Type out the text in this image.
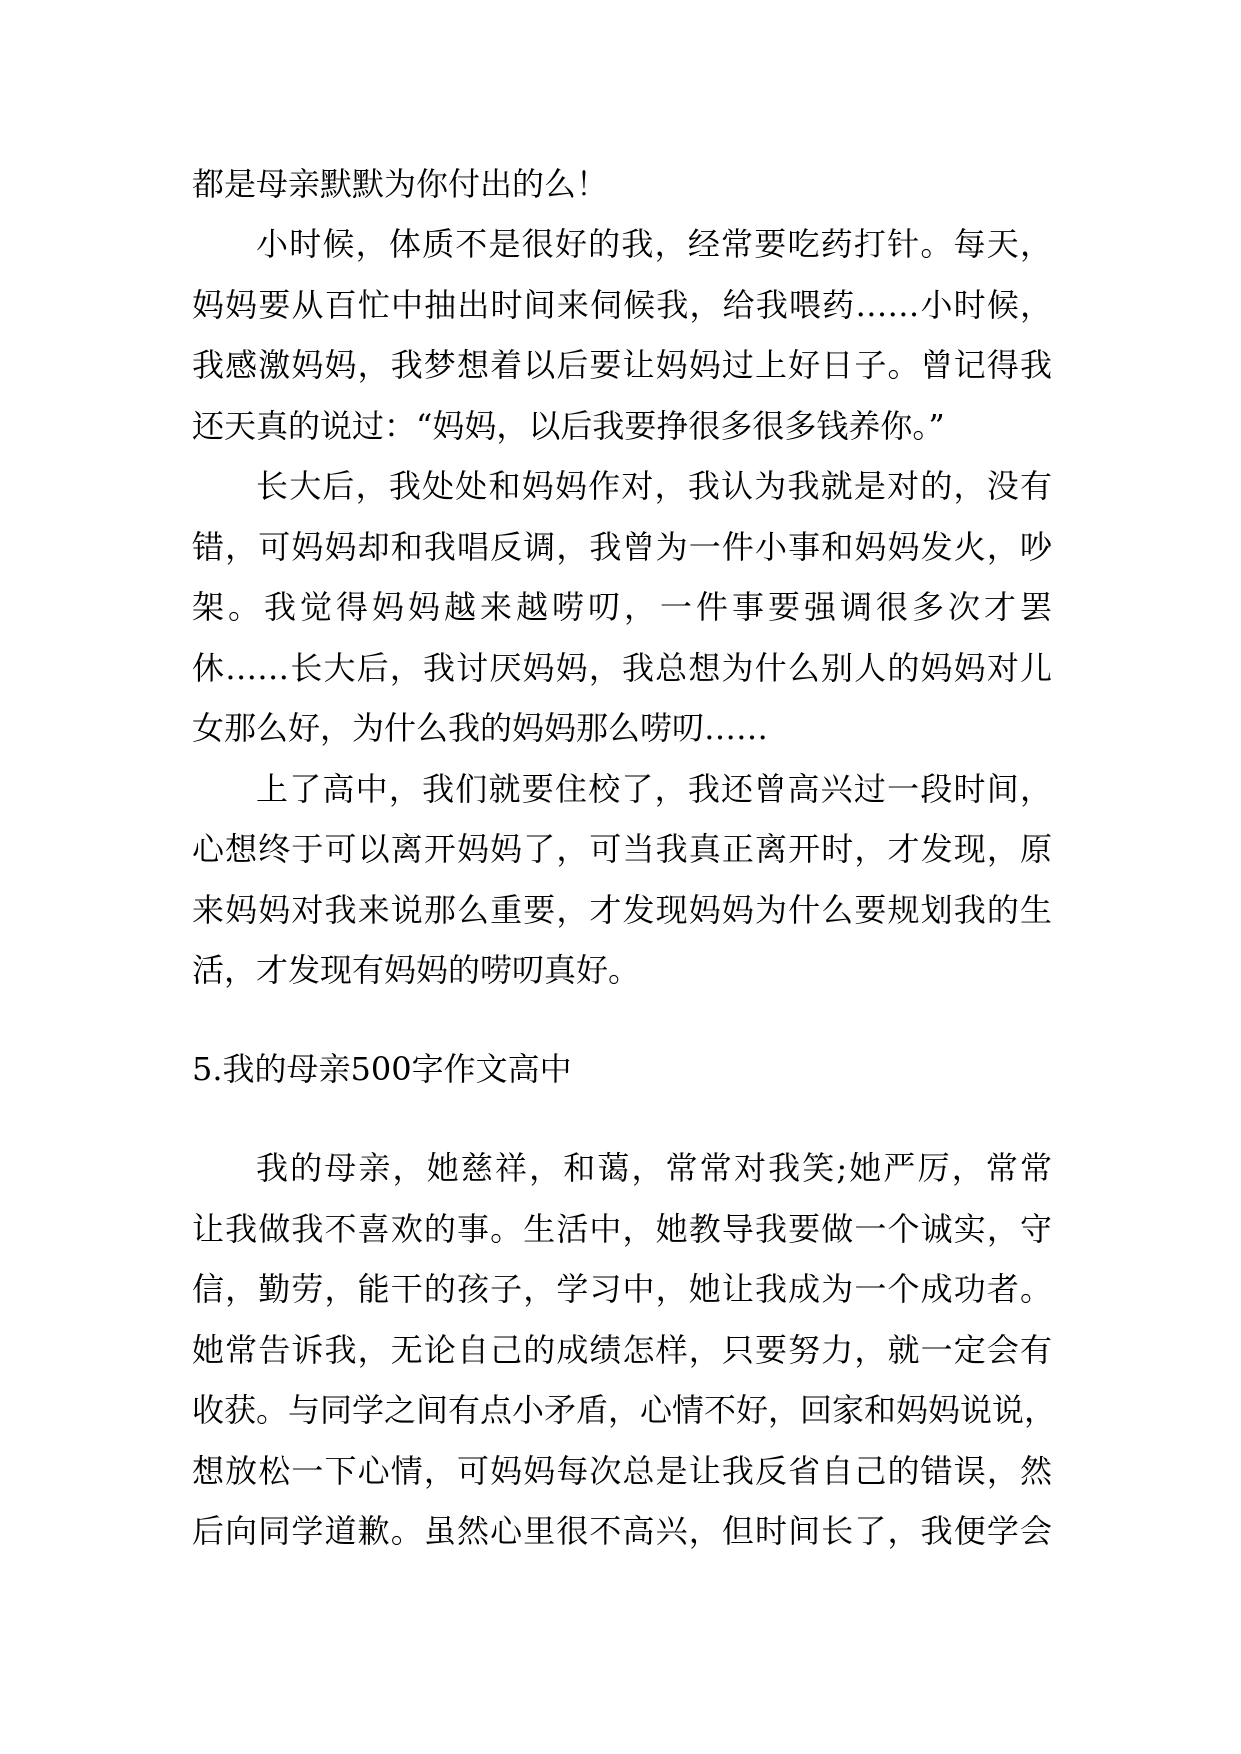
都是母亲默默为你付出的么！
小时候，体质不是很好的我，经常要吃药打针。每天，
妈妈要从百忙中抽出时间来伺候我，给我喂药……小时候，
我感激妈妈，我梦想着以后要让妈妈过上好日子。曾记得我
还天真的说过：“妈妈，以后我要挣很多很多钱养你。”
长大后，我处处和妈妈作对，我认为我就是对的，没有
错，可妈妈却和我唱反调，我曾为一件小事和妈妈发火，吵
架。我觉得妈妈越来越唠叨，一件事要强调很多次才罢
休……长大后，我讨厌妈妈，我总想为什么别人的妈妈对儿
女那么好，为什么我的妈妈那么唠叨……
上了高中，我们就要住校了，我还曾高兴过一段时间，
心想终于可以离开妈妈了，可当我真正离开时，才发现，原
来妈妈对我来说那么重要，才发现妈妈为什么要规划我的生
活，才发现有妈妈的唠叨真好。
5.我的母亲500字作文高中
我的母亲，她慈祥，和蔼，常常对我笑;她严厉，常常
让我做我不喜欢的事。生活中，她教导我要做一个诚实，守
信，勤劳，能干的孩子，学习中，她让我成为一个成功者。
她常告诉我，无论自己的成绩怎样，只要努力，就一定会有
收获。与同学之间有点小矛盾，心情不好，回家和妈妈说说，
想放松一下心情，可妈妈每次总是让我反省自己的错误，然
后向同学道歉。虽然心里很不高兴，但时间长了，我便学会
